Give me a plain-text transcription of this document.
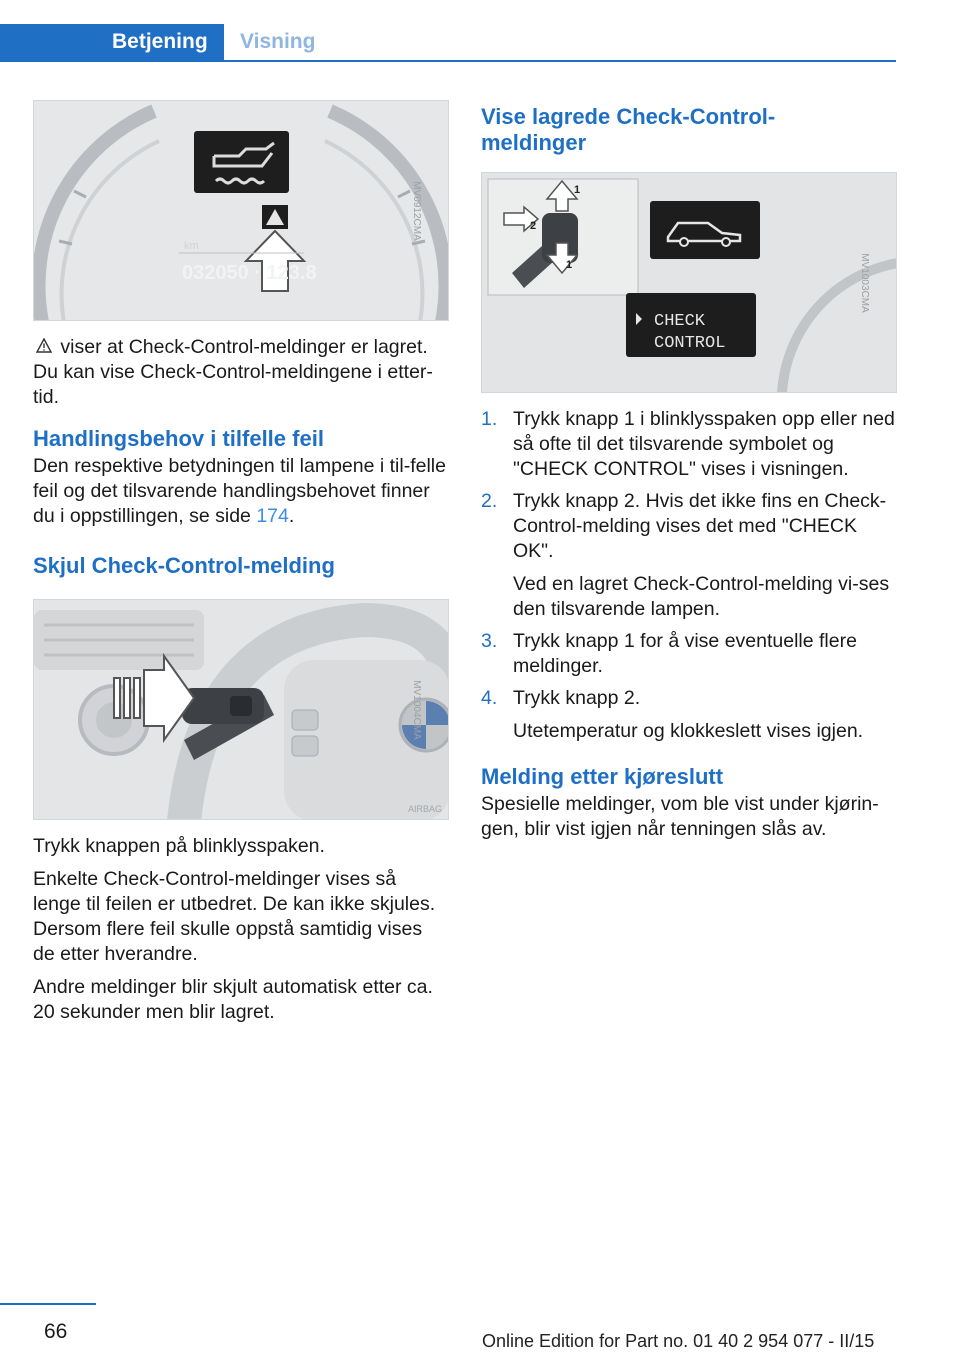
Betjening Visning
km
032050 · 123.8
MV0912CMA

viser at Check-Control-meldinger er lagret. Du kan vise Check-Control-meldingene i etter‐tid.

Handlingsbehov i tilfelle feil

Den respektive betydningen til lampene i til‐felle feil og det tilsvarende handlingsbehovet finner du i oppstillingen, se side 174.

Skjul Check-Control-melding
AIRBAG
MV1004CMA

Trykk knappen på blinklysspaken.

Enkelte Check-Control-meldinger vises så lenge til feilen er utbedret. De kan ikke skjules. Dersom flere feil skulle oppstå samtidig vises de etter hverandre.

Andre meldinger blir skjult automatisk etter ca. 20 sekunder men blir lagret.

Vise lagrede Check-Control-meldinger
1
1
2
CHECK
CONTROL
MV1003CMA
1. Trykk knapp 1 i blinklysspaken opp eller ned så ofte til det tilsvarende symbolet og "CHECK CONTROL" vises i visningen.
2. Trykk knapp 2. Hvis det ikke fins en Check-Control-melding vises det med "CHECK OK".
Ved en lagret Check-Control-melding vi‐ses den tilsvarende lampen.
3. Trykk knapp 1 for å vise eventuelle flere meldinger.
4. Trykk knapp 2.
Utetemperatur og klokkeslett vises igjen.
Melding etter kjøreslutt

Spesielle meldinger, vom ble vist under kjørin‐gen, blir vist igjen når tenningen slås av.

66	Online Edition for Part no. 01 40 2 954 077 - II/15
